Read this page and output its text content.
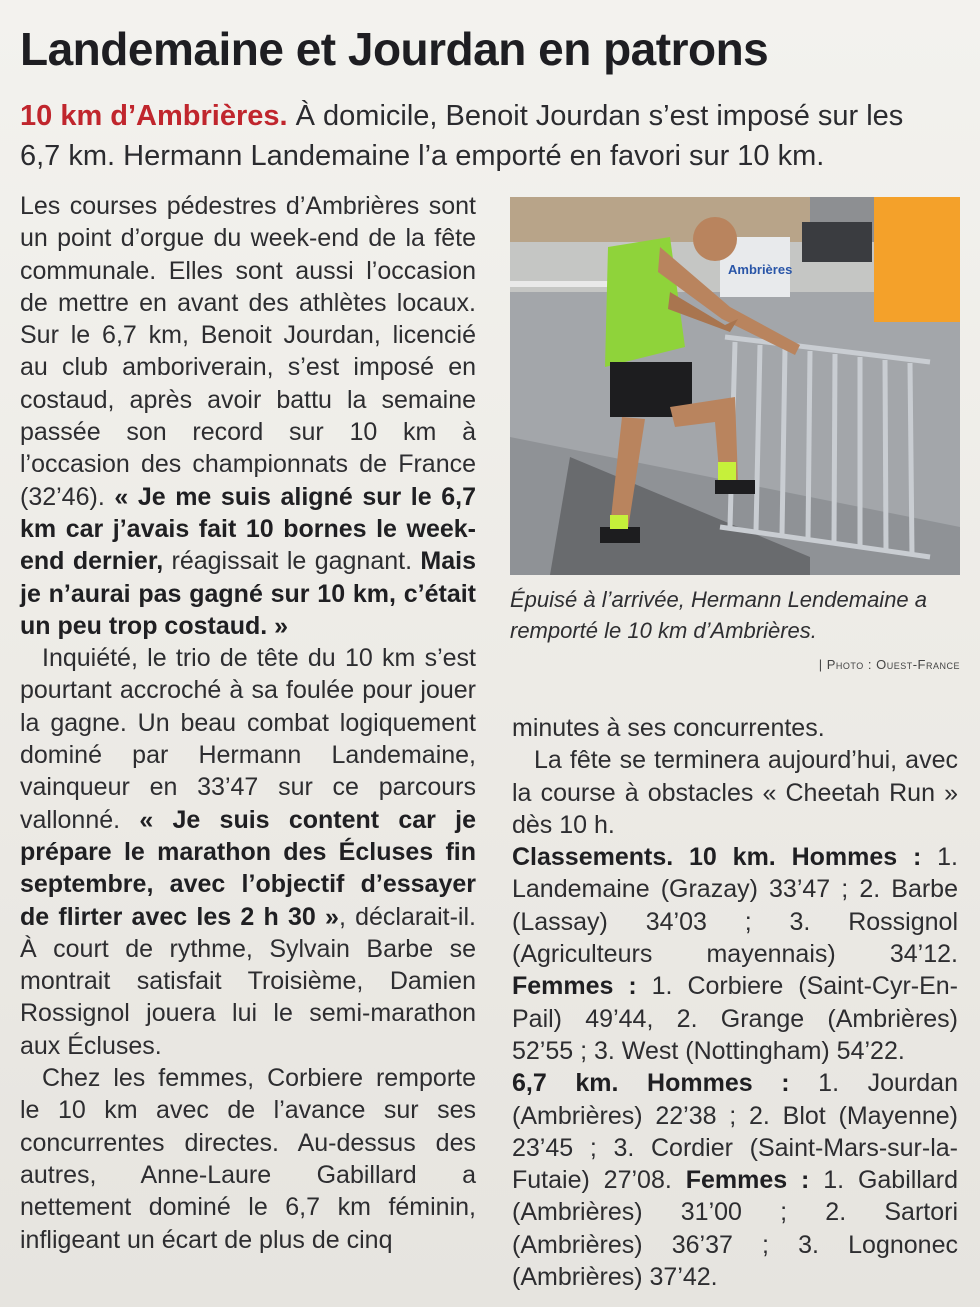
Landemaine et Jourdan en patrons
10 km d’Ambrières. À domicile, Benoit Jourdan s’est imposé sur les 6,7 km. Hermann Landemaine l’a emporté en favori sur 10 km.

Les courses pédestres d’Ambrières sont un point d’orgue du week-end de la fête communale. Elles sont aussi l’occasion de mettre en avant des athlètes locaux. Sur le 6,7 km, Benoit Jourdan, licencié au club amboriverain, s’est imposé en costaud, après avoir battu la semaine passée son record sur 10 km à l’occasion des championnats de France (32’46). « Je me suis aligné sur le 6,7 km car j’avais fait 10 bornes le week-end dernier, réagissait le gagnant. Mais je n’aurai pas gagné sur 10 km, c’était un peu trop costaud. »

Inquiété, le trio de tête du 10 km s’est pourtant accroché à sa foulée pour jouer la gagne. Un beau combat logiquement dominé par Hermann Landemaine, vainqueur en 33’47 sur ce parcours vallonné. « Je suis content car je prépare le marathon des Écluses fin septembre, avec l’objectif d’essayer de flirter avec les 2 h 30 », déclarait-il. À court de rythme, Sylvain Barbe se montrait satisfait Troisième, Damien Rossignol jouera lui le semi-marathon aux Écluses.

Chez les femmes, Corbiere remporte le 10 km avec de l’avance sur ses concurrentes directes. Au-dessus des autres, Anne-Laure Gabillard a nettement dominé le 6,7 km féminin, infligeant un écart de plus de cinq

Ambrières
Épuisé à l’arrivée, Hermann Lendemaine a remporté le 10 km d’Ambrières.
| Photo : Ouest-France

minutes à ses concurrentes.

La fête se terminera aujourd’hui, avec la course à obstacles « Cheetah Run » dès 10 h.

Classements. 10 km. Hommes : 1. Landemaine (Grazay) 33’47 ; 2. Barbe (Lassay) 34’03 ; 3. Rossignol (Agriculteurs mayennais) 34’12. Femmes : 1. Corbiere (Saint-Cyr-En-Pail) 49’44, 2. Grange (Ambrières) 52’55 ; 3. West (Nottingham) 54’22.

6,7 km. Hommes : 1. Jourdan (Ambrières) 22’38 ; 2. Blot (Mayenne) 23’45 ; 3. Cordier (Saint-Mars-sur-la-Futaie) 27’08. Femmes : 1. Gabillard (Ambrières) 31’00 ; 2. Sartori (Ambrières) 36’37 ; 3. Lognonec (Ambrières) 37’42.
